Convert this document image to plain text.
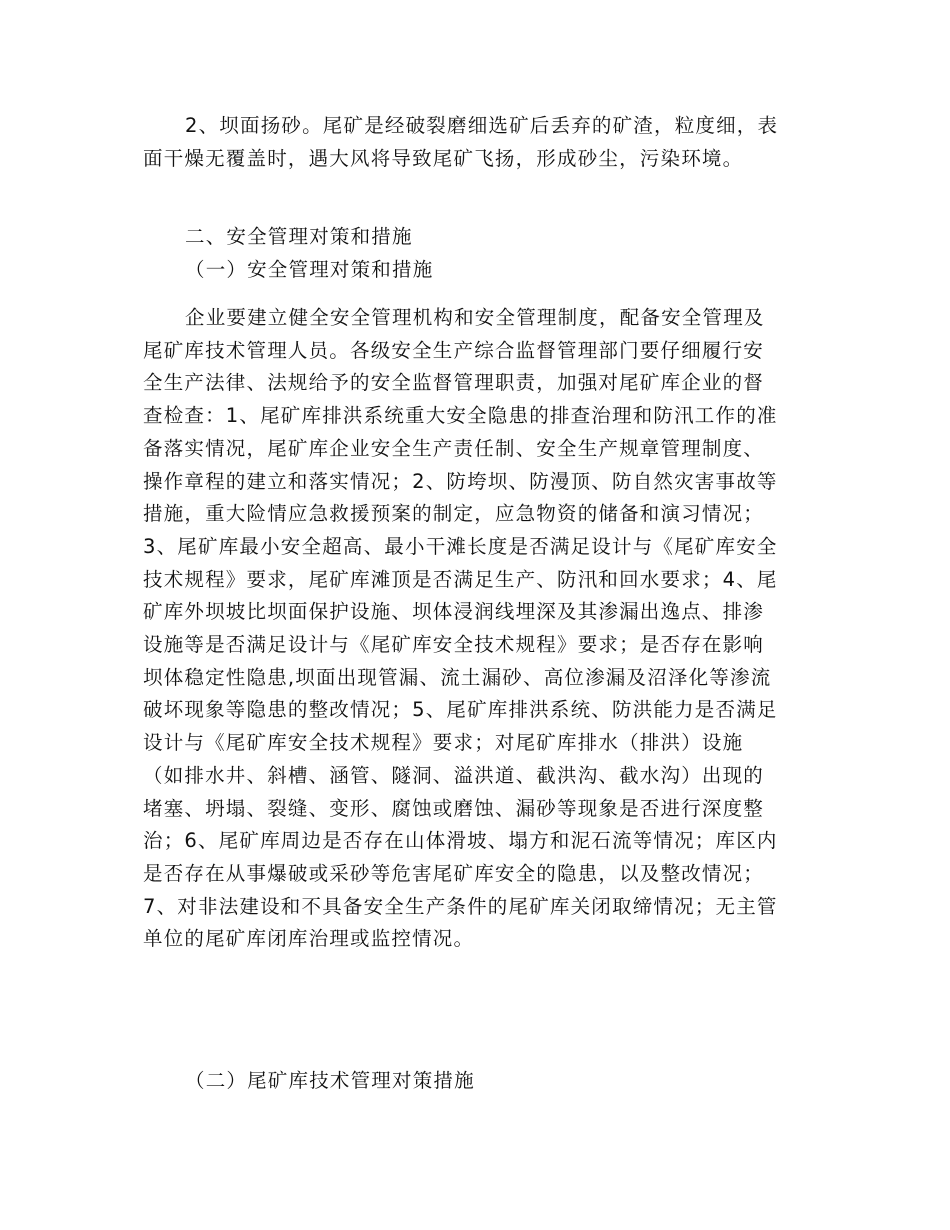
2、坝面扬砂。尾矿是经破裂磨细选矿后丢弃的矿渣，粒度细，表
面干燥无覆盖时，遇大风将导致尾矿飞扬，形成砂尘，污染环境。
二、安全管理对策和措施
（一）安全管理对策和措施
企业要建立健全安全管理机构和安全管理制度，配备安全管理及
尾矿库技术管理人员。各级安全生产综合监督管理部门要仔细履行安
全生产法律、法规给予的安全监督管理职责，加强对尾矿库企业的督
查检查：1、尾矿库排洪系统重大安全隐患的排查治理和防汛工作的准
备落实情况，尾矿库企业安全生产责任制、安全生产规章管理制度、
操作章程的建立和落实情况；2、防垮坝、防漫顶、防自然灾害事故等
措施，重大险情应急救援预案的制定，应急物资的储备和演习情况；
3、尾矿库最小安全超高、最小干滩长度是否满足设计与《尾矿库安全
技术规程》要求，尾矿库滩顶是否满足生产、防汛和回水要求；4、尾
矿库外坝坡比坝面保护设施、坝体浸润线埋深及其渗漏出逸点、排渗
设施等是否满足设计与《尾矿库安全技术规程》要求；是否存在影响
坝体稳定性隐患,坝面出现管漏、流土漏砂、高位渗漏及沼泽化等渗流
破坏现象等隐患的整改情况；5、尾矿库排洪系统、防洪能力是否满足
设计与《尾矿库安全技术规程》要求；对尾矿库排水（排洪）设施
（如排水井、斜槽、涵管、隧洞、溢洪道、截洪沟、截水沟）出现的
堵塞、坍塌、裂缝、变形、腐蚀或磨蚀、漏砂等现象是否进行深度整
治；6、尾矿库周边是否存在山体滑坡、塌方和泥石流等情况；库区内
是否存在从事爆破或采砂等危害尾矿库安全的隐患，以及整改情况；
7、对非法建设和不具备安全生产条件的尾矿库关闭取缔情况；无主管
单位的尾矿库闭库治理或监控情况。
（二）尾矿库技术管理对策措施
